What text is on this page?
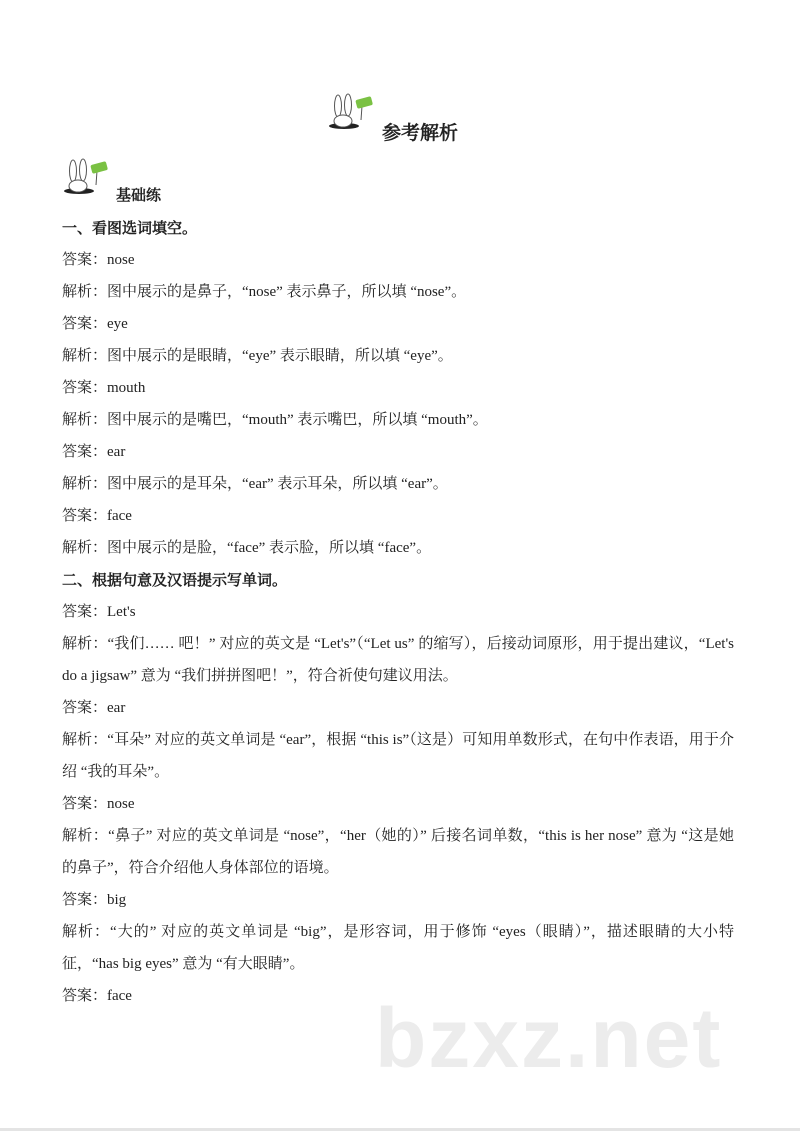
参考解析
基础练

一、看图选词填空。

答案：nose

解析：图中展示的是鼻子，“nose” 表示鼻子，所以填 “nose”。

答案：eye

解析：图中展示的是眼睛，“eye” 表示眼睛，所以填 “eye”。

答案：mouth

解析：图中展示的是嘴巴，“mouth” 表示嘴巴，所以填 “mouth”。

答案：ear

解析：图中展示的是耳朵，“ear” 表示耳朵，所以填 “ear”。

答案：face

解析：图中展示的是脸，“face” 表示脸，所以填 “face”。

二、根据句意及汉语提示写单词。

答案：Let's

解析：“我们…… 吧！” 对应的英文是 “Let's”（“Let us” 的缩写），后接动词原形，用于提出建议，“Let's do a jigsaw” 意为 “我们拼拼图吧！”，符合祈使句建议用法。

答案：ear

解析：“耳朵” 对应的英文单词是 “ear”，根据 “this is”（这是）可知用单数形式，在句中作表语，用于介绍 “我的耳朵”。

答案：nose

解析：“鼻子” 对应的英文单词是 “nose”，“her（她的）” 后接名词单数，“this is her nose” 意为 “这是她的鼻子”，符合介绍他人身体部位的语境。

答案：big

解析：“大的” 对应的英文单词是 “big”，是形容词，用于修饰 “eyes（眼睛）”，描述眼睛的大小特征，“has big eyes” 意为 “有大眼睛”。

答案：face	bzxz.net
